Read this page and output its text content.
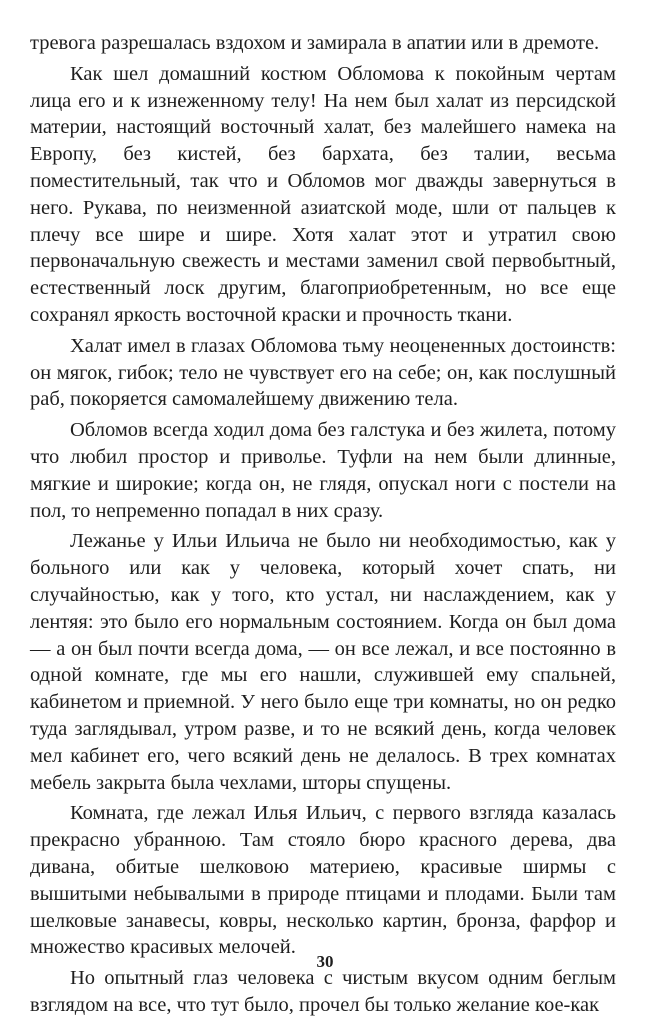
тревога разрешалась вздохом и замирала в апатии или в дремоте.

Как шел домашний костюм Обломова к покойным чертам лица его и к изнеженному телу! На нем был халат из персидской материи, настоящий восточный халат, без малейшего намека на Европу, без кистей, без бархата, без талии, весьма поместительный, так что и Обломов мог дважды завернуться в него. Рукава, по неизменной азиатской моде, шли от пальцев к плечу все шире и шире. Хотя халат этот и утратил свою первоначальную свежесть и местами заменил свой первобытный, естественный лоск другим, благоприобретенным, но все еще сохранял яркость восточной краски и прочность ткани.

Халат имел в глазах Обломова тьму неоцененных достоинств: он мягок, гибок; тело не чувствует его на себе; он, как послушный раб, покоряется самомалейшему движению тела.

Обломов всегда ходил дома без галстука и без жилета, потому что любил простор и приволье. Туфли на нем были длинные, мягкие и широкие; когда он, не глядя, опускал ноги с постели на пол, то непременно попадал в них сразу.

Лежанье у Ильи Ильича не было ни необходимостью, как у больного или как у человека, который хочет спать, ни случайностью, как у того, кто устал, ни наслаждением, как у лентяя: это было его нормальным состоянием. Когда он был дома — а он был почти всегда дома, — он все лежал, и все постоянно в одной комнате, где мы его нашли, служившей ему спальней, кабинетом и приемной. У него было еще три комнаты, но он редко туда заглядывал, утром разве, и то не всякий день, когда человек мел кабинет его, чего всякий день не делалось. В трех комнатах мебель закрыта была чехлами, шторы спущены.

Комната, где лежал Илья Ильич, с первого взгляда казалась прекрасно убранною. Там стояло бюро красного дерева, два дивана, обитые шелковою материею, красивые ширмы с вышитыми небывалыми в природе птицами и плодами. Были там шелковые занавесы, ковры, несколько картин, бронза, фарфор и множество красивых мелочей.

Но опытный глаз человека с чистым вкусом одним беглым взглядом на все, что тут было, прочел бы только желание кое-как

30
